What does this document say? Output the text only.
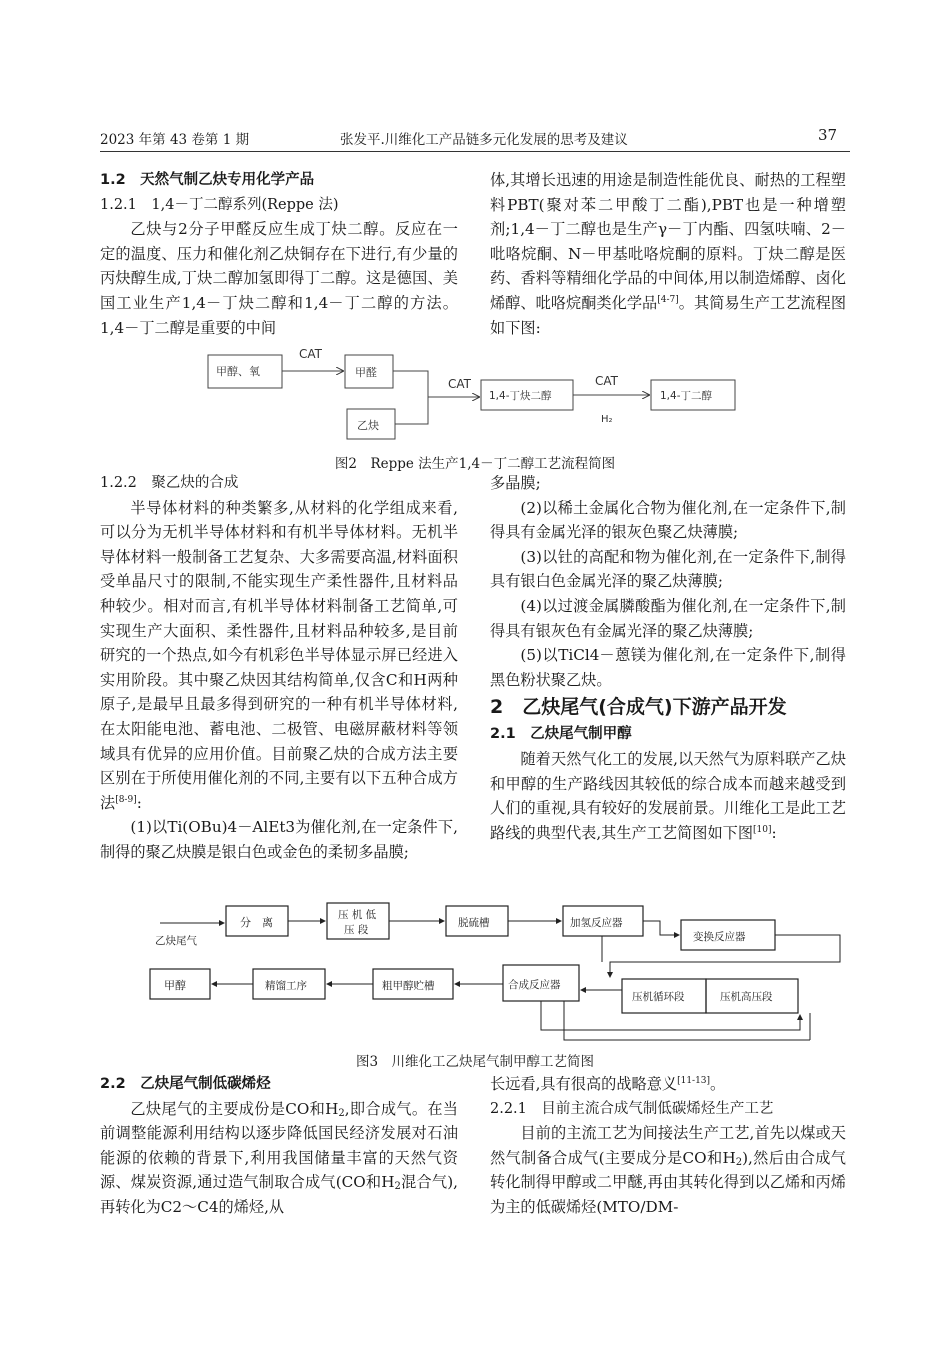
2023 年第 43 卷第 1 期	张发平.川维化工产品链多元化发展的思考及建议	37

1.2　天然气制乙炔专用化学产品

1.2.1　1,4－丁二醇系列(Reppe 法)

乙炔与2分子甲醛反应生成丁炔二醇。反应在一定的温度、压力和催化剂乙炔铜存在下进行,有少量的丙炔醇生成,丁炔二醇加氢即得丁二醇。这是德国、美国工业生产1,4－丁炔二醇和1,4－丁二醇的方法。1,4－丁二醇是重要的中间

体,其增长迅速的用途是制造性能优良、耐热的工程塑料PBT(聚对苯二甲酸丁二酯),PBT也是一种增塑剂;1,4－丁二醇也是生产γ－丁内酯、四氢呋喃、2－吡咯烷酮、N－甲基吡咯烷酮的原料。丁炔二醇是医药、香料等精细化学品的中间体,用以制造烯醇、卤化烯醇、吡咯烷酮类化学品[4-7]。其简易生产工艺流程图如下图:

甲醇、氧	甲醛
乙炔
1,4-丁炔二醇	1,4-丁二醇
CAT
CAT	CAT
H₂
乙炔尾气
分　离
压 机 低
压 段
脱硫槽	加氢反应器
变换反应器
甲醇	精馏工序	粗甲醇贮槽	合成反应器
压机循环段	压机高压段
图2　Reppe 法生产1,4－丁二醇工艺流程简图

1.2.2　聚乙炔的合成

半导体材料的种类繁多,从材料的化学组成来看,可以分为无机半导体材料和有机半导体材料。无机半导体材料一般制备工艺复杂、大多需要高温,材料面积受单晶尺寸的限制,不能实现生产柔性器件,且材料品种较少。相对而言,有机半导体材料制备工艺简单,可实现生产大面积、柔性器件,且材料品种较多,是目前研究的一个热点,如今有机彩色半导体显示屏已经进入实用阶段。其中聚乙炔因其结构简单,仅含C和H两种原子,是最早且最多得到研究的一种有机半导体材料,在太阳能电池、蓄电池、二极管、电磁屏蔽材料等领域具有优异的应用价值。目前聚乙炔的合成方法主要区别在于所使用催化剂的不同,主要有以下五种合成方法[8-9]:

(1)以Ti(OBu)4－AlEt3为催化剂,在一定条件下,制得的聚乙炔膜是银白色或金色的柔韧多晶膜;

多晶膜;

(2)以稀土金属化合物为催化剂,在一定条件下,制得具有金属光泽的银灰色聚乙炔薄膜;

(3)以钍的高配和物为催化剂,在一定条件下,制得具有银白色金属光泽的聚乙炔薄膜;

(4)以过渡金属膦酸酯为催化剂,在一定条件下,制得具有银灰色有金属光泽的聚乙炔薄膜;

(5)以TiCl4－蒽镁为催化剂,在一定条件下,制得黑色粉状聚乙炔。

2　乙炔尾气(合成气)下游产品开发

2.1　乙炔尾气制甲醇

随着天然气化工的发展,以天然气为原料联产乙炔和甲醇的生产路线因其较低的综合成本而越来越受到人们的重视,具有较好的发展前景。川维化工是此工艺路线的典型代表,其生产工艺简图如下图[10]:

图3　川维化工乙炔尾气制甲醇工艺简图

2.2　乙炔尾气制低碳烯烃

乙炔尾气的主要成份是CO和$H_2$,即合成气。在当前调整能源利用结构以逐步降低国民经济发展对石油能源的依赖的背景下,利用我国储量丰富的天然气资源、煤炭资源,通过造气制取合成气(CO和$H_2$混合气),再转化为C2～C4的烯烃,从

长远看,具有很高的战略意义[11-13]。

2.2.1　目前主流合成气制低碳烯烃生产工艺

目前的主流工艺为间接法生产工艺,首先以煤或天然气制备合成气(主要成分是CO和$H_2$),然后由合成气转化制得甲醇或二甲醚,再由其转化得到以乙烯和丙烯为主的低碳烯烃(MTO/DM-
